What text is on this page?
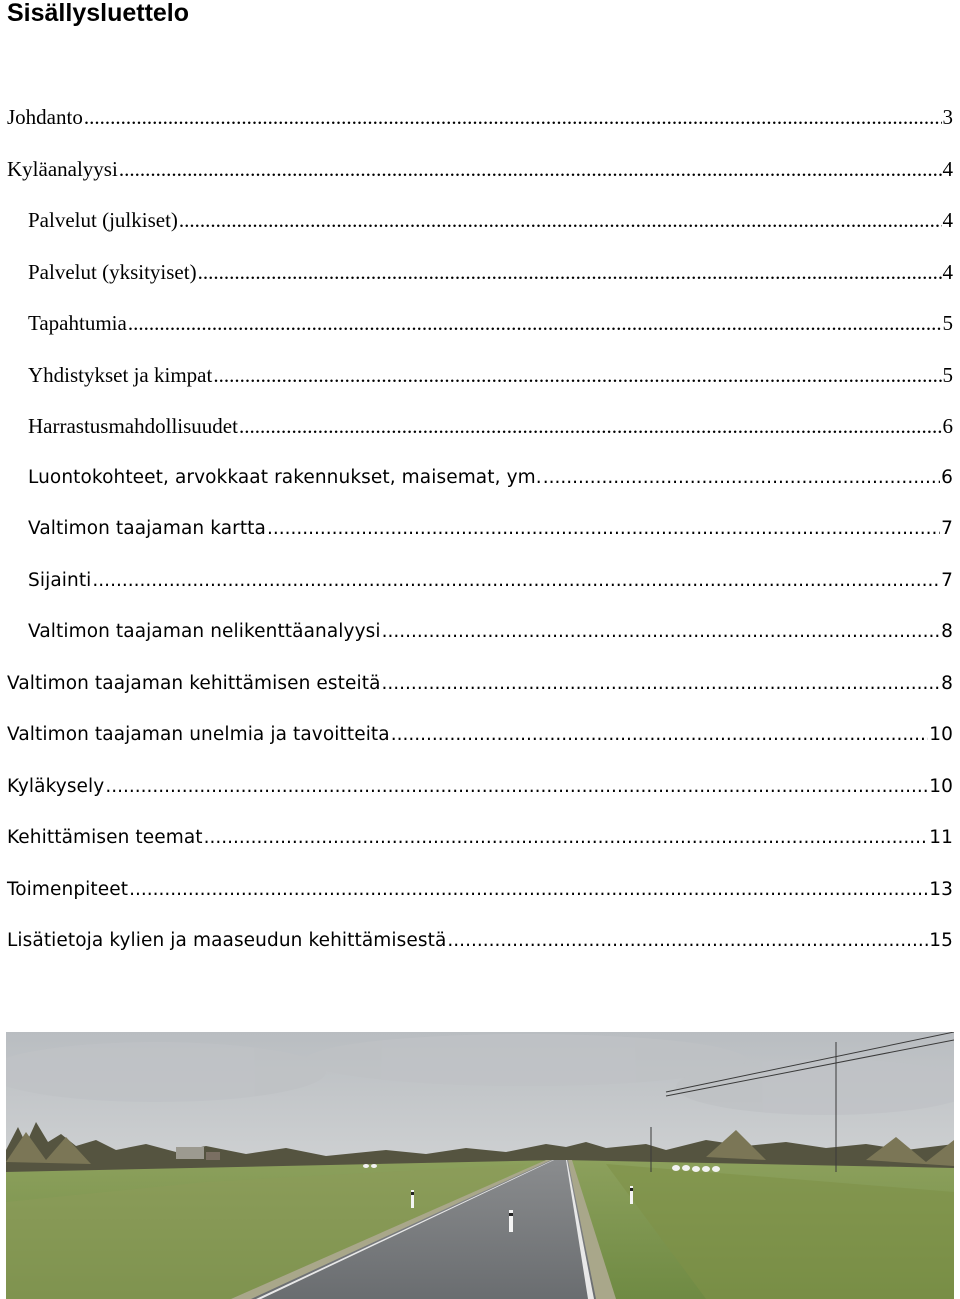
Sisällysluettelo
Johdanto .....	3
Kyläanalyysi .....	4
Palvelut (julkiset) .....	4
Palvelut (yksityiset) .....	4
Tapahtumia .....	5
Yhdistykset ja kimpat .....	5
Harrastusmahdollisuudet .....	6
Luontokohteet, arvokkaat rakennukset, maisemat, ym. .....	6
Valtimon taajaman kartta .....	7
Sijainti .....	7
Valtimon taajaman nelikenttäanalyysi .....	8
Valtimon taajaman kehittämisen esteitä .....	8
Valtimon taajaman unelmia ja tavoitteita .....	10
Kyläkysely .....	10
Kehittämisen teemat .....	11
Toimenpiteet .....	13
Lisätietoja kylien ja maaseudun kehittämisestä .....	15
